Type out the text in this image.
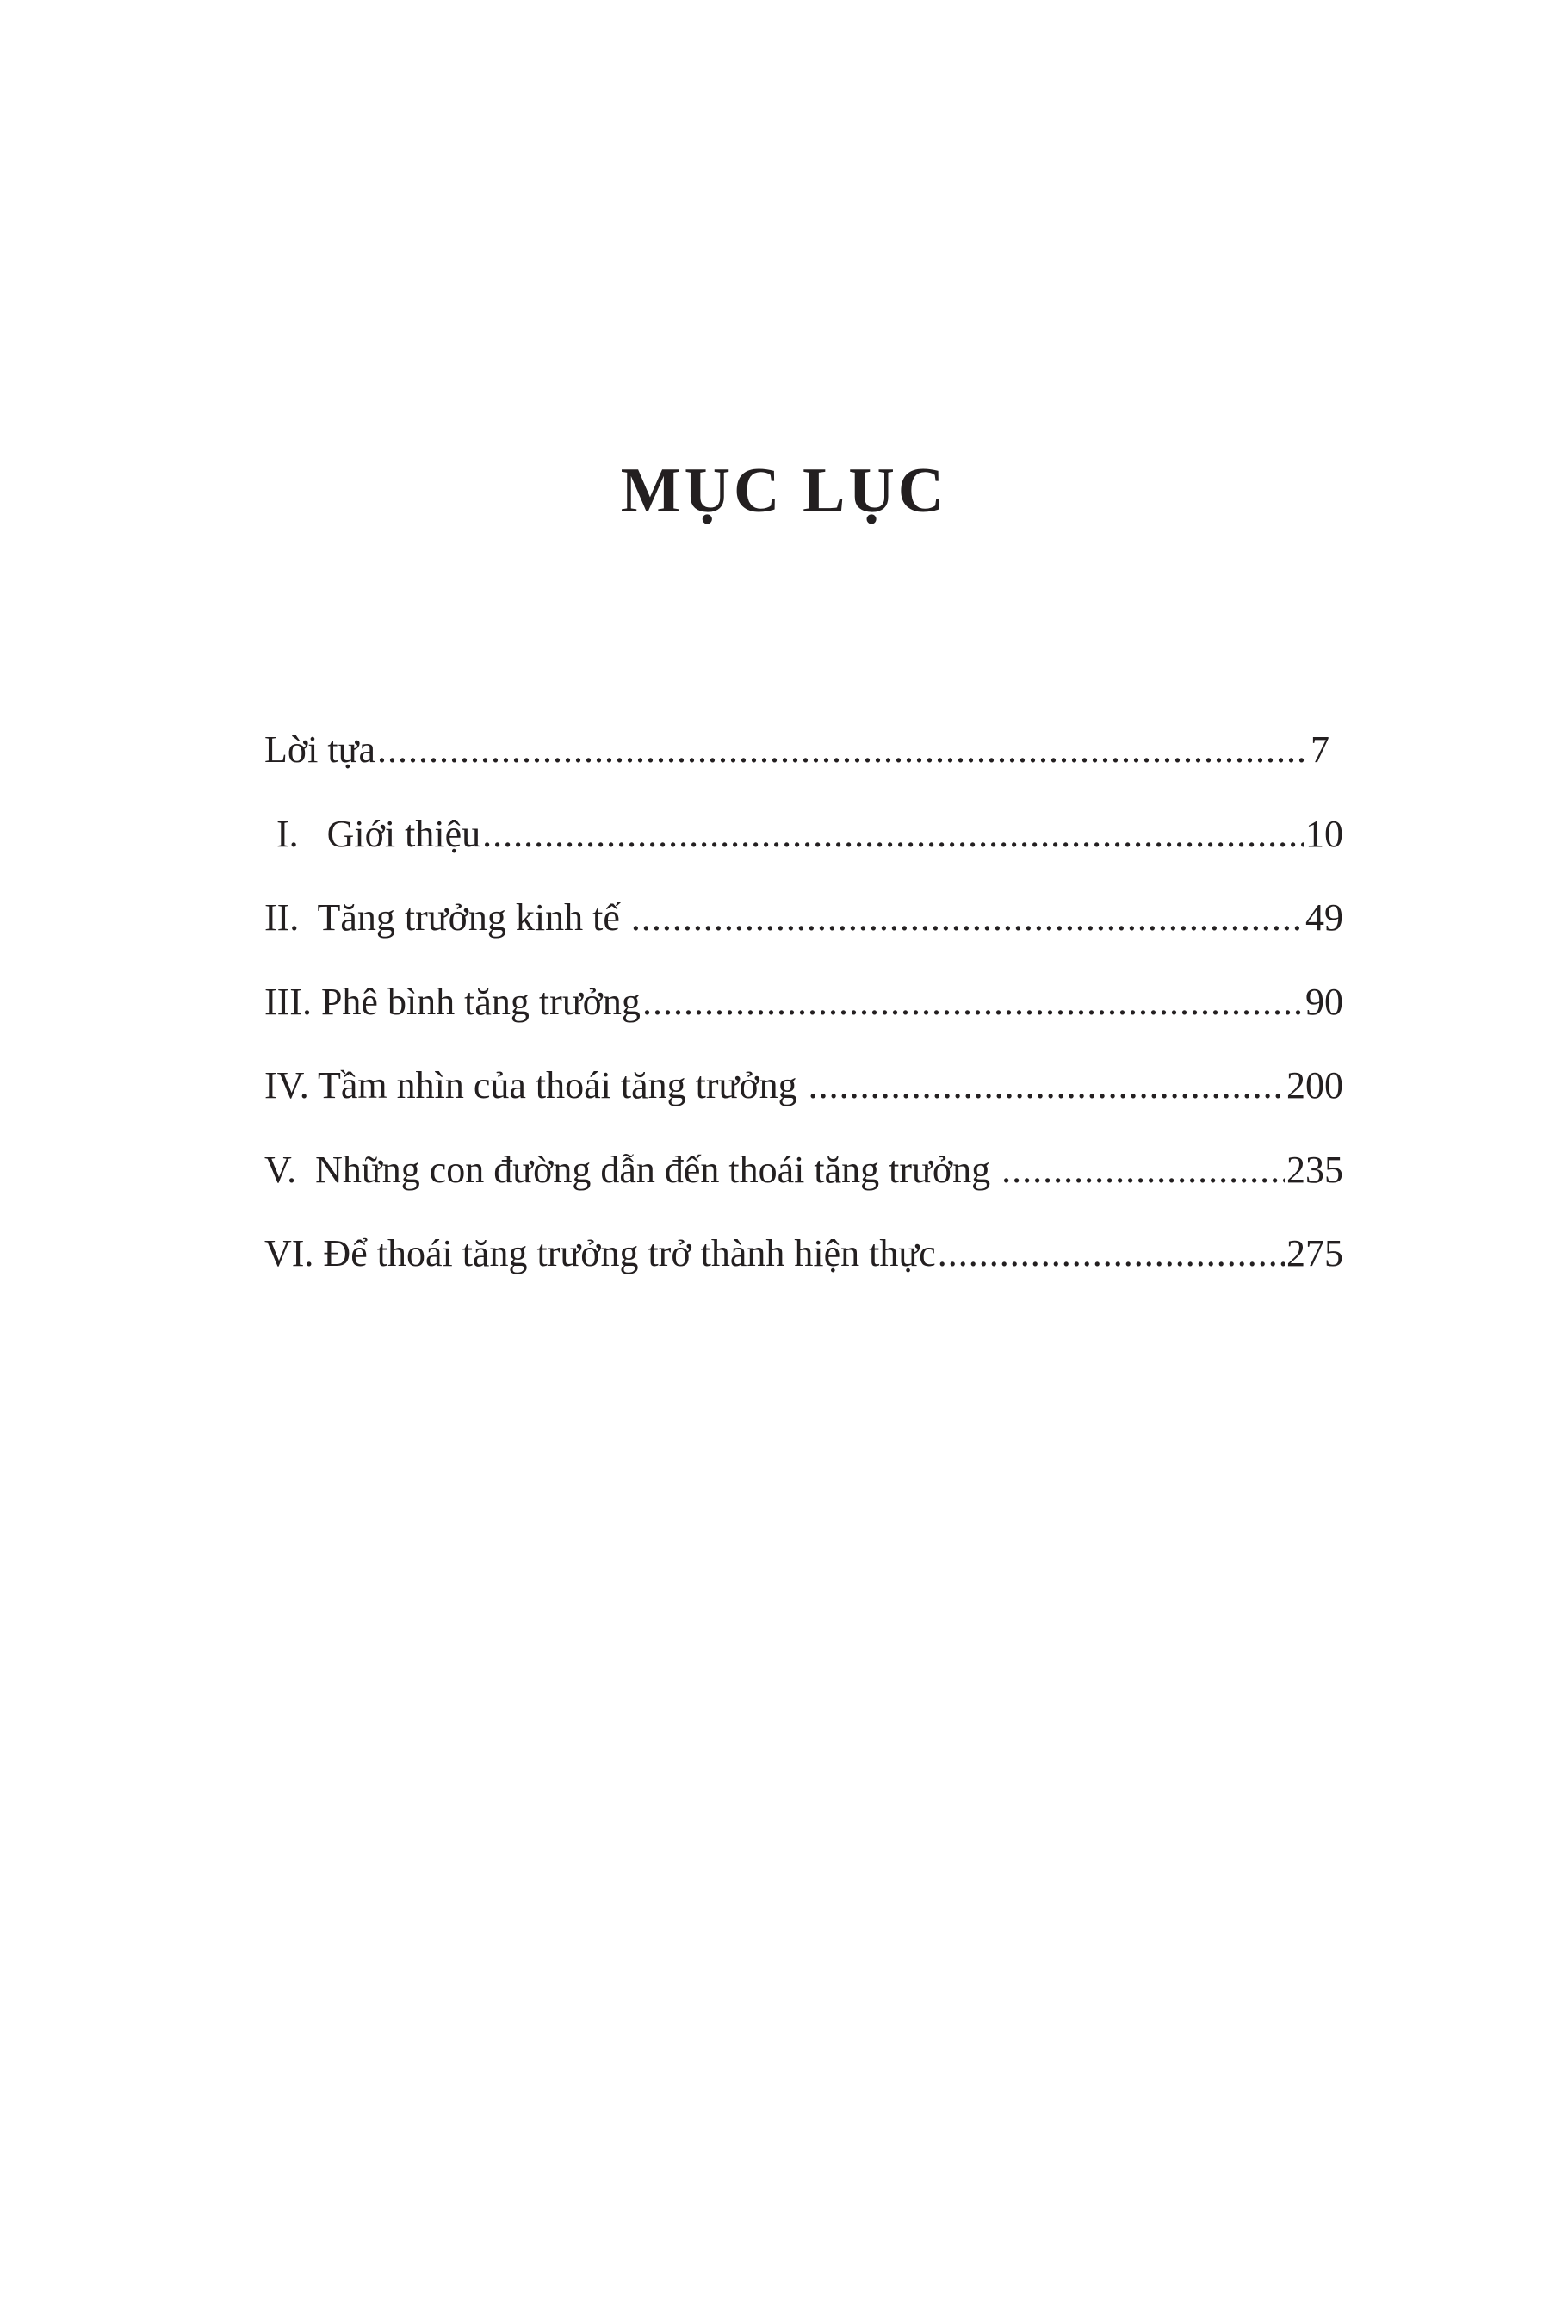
MỤC LỤC
Lời tựa .....	7
I.   Giới thiệu .....	10
II.  Tăng trưởng kinh tế .....	49
III. Phê bình tăng trưởng .....	90
IV. Tầm nhìn của thoái tăng trưởng .....	200
V.  Những con đường dẫn đến thoái tăng trưởng .....	235
VI. Để thoái tăng trưởng trở thành hiện thực .....	275
